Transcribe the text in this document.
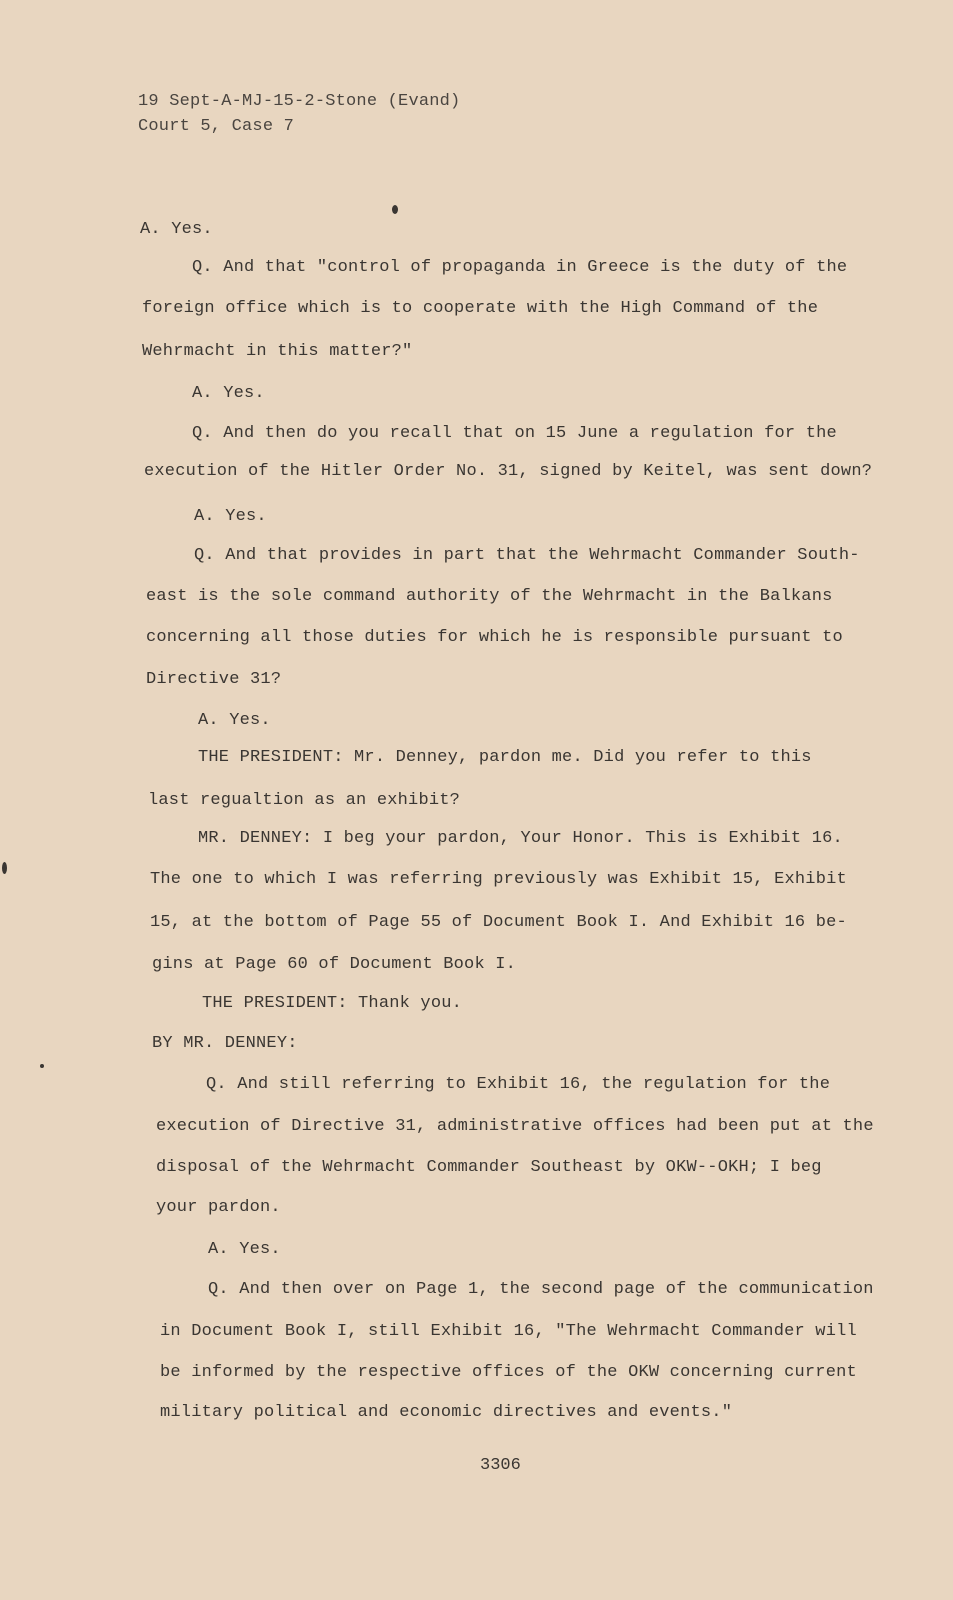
19 Sept-A-MJ-15-2-Stone (Evand)
Court 5, Case 7
A. Yes.
Q. And that "control of propaganda in Greece is the duty of the
foreign office which is to cooperate with the High Command of the
Wehrmacht in this matter?"
A. Yes.
Q. And then do you recall that on 15 June a regulation for the
execution of the Hitler Order No. 31, signed by Keitel, was sent down?
A. Yes.
Q. And that provides in part that the Wehrmacht Commander South-
east is the sole command authority of the Wehrmacht in the Balkans
concerning all those duties for which he is responsible pursuant to
Directive 31?
A. Yes.
THE PRESIDENT: Mr. Denney, pardon me. Did you refer to this
last regualtion as an exhibit?
MR. DENNEY: I beg your pardon, Your Honor. This is Exhibit 16.
The one to which I was referring previously was Exhibit 15, Exhibit
15, at the bottom of Page 55 of Document Book I. And Exhibit 16 be-
gins at Page 60 of Document Book I.
THE PRESIDENT: Thank you.
BY MR. DENNEY:
Q. And still referring to Exhibit 16, the regulation for the
execution of Directive 31, administrative offices had been put at the
disposal of the Wehrmacht Commander Southeast by OKW--OKH; I beg
your pardon.
A. Yes.
Q. And then over on Page 1, the second page of the communication
in Document Book I, still Exhibit 16, "The Wehrmacht Commander will
be informed by the respective offices of the OKW concerning current
military political and economic directives and events."
3306
